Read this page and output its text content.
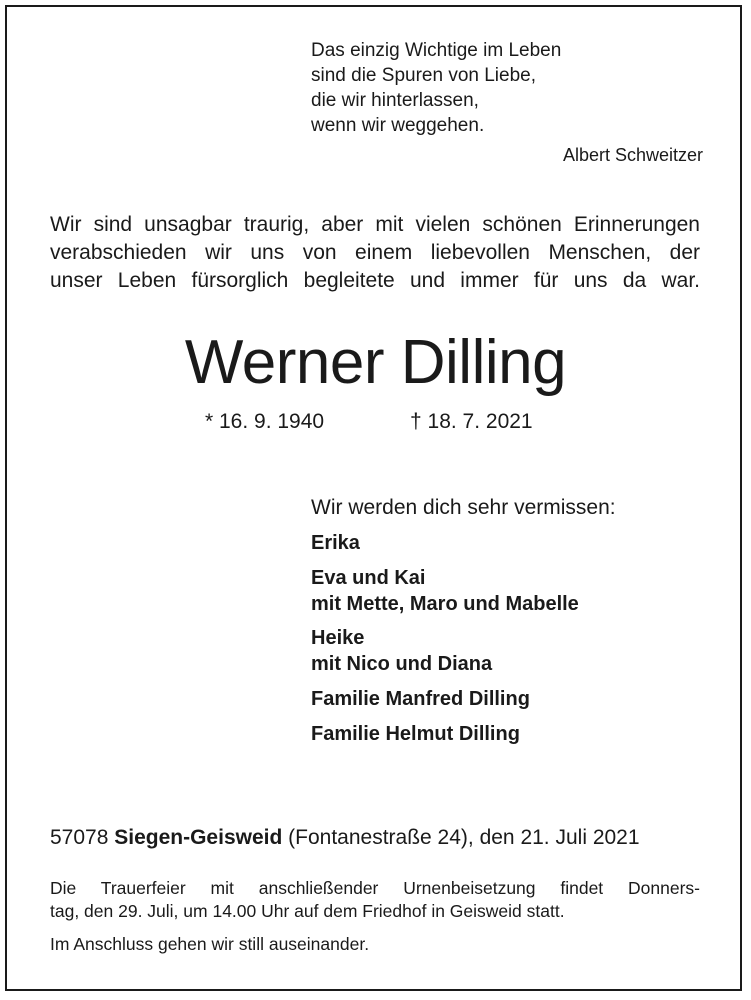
Das einzig Wichtige im Leben
sind die Spuren von Liebe,
die wir hinterlassen,
wenn wir weggehen.
Albert Schweitzer
Wir sind unsagbar traurig, aber mit vielen schönen Erinnerungen
verabschieden wir uns von einem liebevollen Menschen, der
unser Leben fürsorglich begleitete und immer für uns da war.
Werner Dilling
* 16. 9. 1940	† 18. 7. 2021
Wir werden dich sehr vermissen:
Erika
Eva und Kai
mit Mette, Maro und Mabelle
Heike
mit Nico und Diana
Familie Manfred Dilling
Familie Helmut Dilling
57078 Siegen-Geisweid (Fontanestraße 24), den 21. Juli 2021
Die Trauerfeier mit anschließender Urnenbeisetzung findet Donners-
tag, den 29. Juli, um 14.00 Uhr auf dem Friedhof in Geisweid statt.
Im Anschluss gehen wir still auseinander.
